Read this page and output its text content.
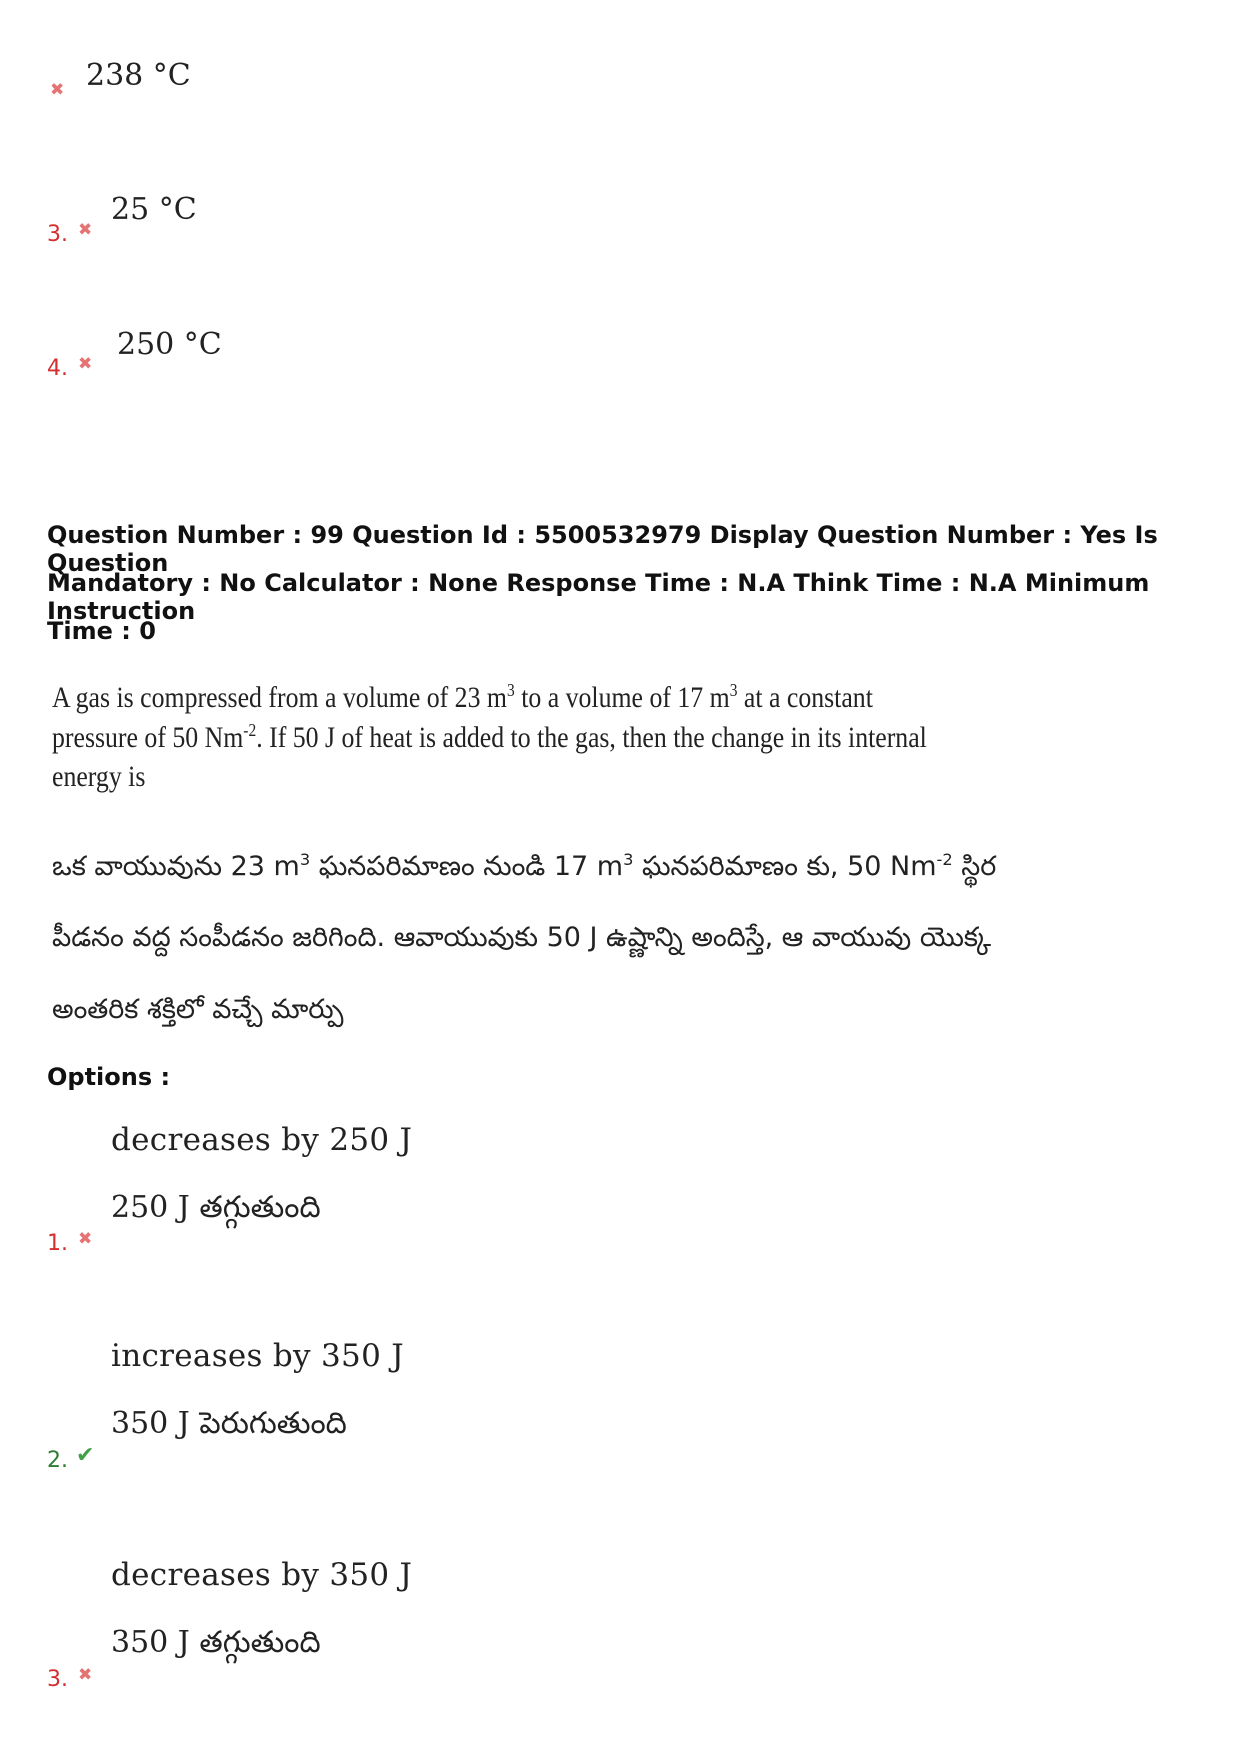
✖ 238 °C
3. ✖
25 °C
4. ✖
250 °C
Question Number : 99 Question Id : 5500532979 Display Question Number : Yes Is Question
Mandatory : No Calculator : None Response Time : N.A Think Time : N.A Minimum Instruction
Time : 0
A gas is compressed from a volume of 23 $m^3$ to a volume of 17 $m^3$ at a constant
pressure of 50 $Nm^{-2}$. If 50 J of heat is added to the gas, then the change in its internal
energy is
ఒక వాయువును 23 $m^3$ ఘనపరిమాణం నుండి 17 $m^3$ ఘనపరిమాణం కు, 50 $Nm^{-2}$ స్థిర
పీడనం వద్ద సంపీడనం జరిగింది. ఆవాయువుకు 50 J ఉష్ణాన్ని అందిస్తే, ఆ వాయువు యొక్క
అంతరిక శక్తిలో వచ్చే మార్పు
Options :
decreases by 250 J
250 J తగ్గుతుంది
1. ✖
increases by 350 J
350 J పెరుగుతుంది
2. ✔
decreases by 350 J
350 J తగ్గుతుంది
3. ✖
